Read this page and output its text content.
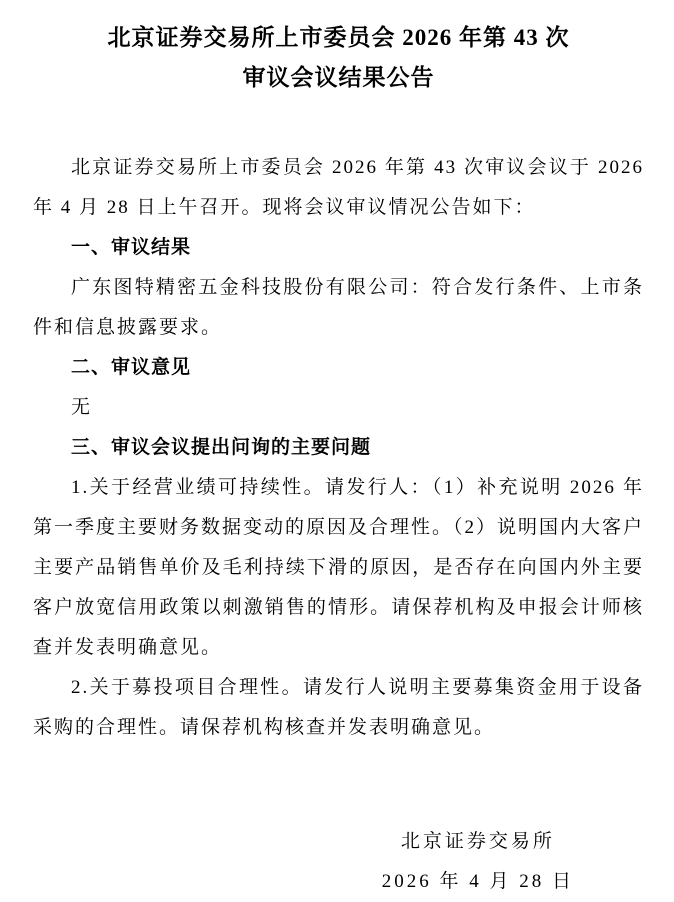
北京证券交易所上市委员会 2026 年第 43 次
审议会议结果公告

北京证券交易所上市委员会 2026 年第 43 次审议会议于 2026 年 4 月 28 日上午召开。现将会议审议情况公告如下：

一、审议结果

广东图特精密五金科技股份有限公司：符合发行条件、上市条件和信息披露要求。

二、审议意见

无

三、审议会议提出问询的主要问题

1.关于经营业绩可持续性。请发行人：（1）补充说明 2026 年第一季度主要财务数据变动的原因及合理性。（2）说明国内大客户主要产品销售单价及毛利持续下滑的原因，是否存在向国内外主要客户放宽信用政策以刺激销售的情形。请保荐机构及申报会计师核查并发表明确意见。

2.关于募投项目合理性。请发行人说明主要募集资金用于设备采购的合理性。请保荐机构核查并发表明确意见。

北京证券交易所
2026 年 4 月 28 日
